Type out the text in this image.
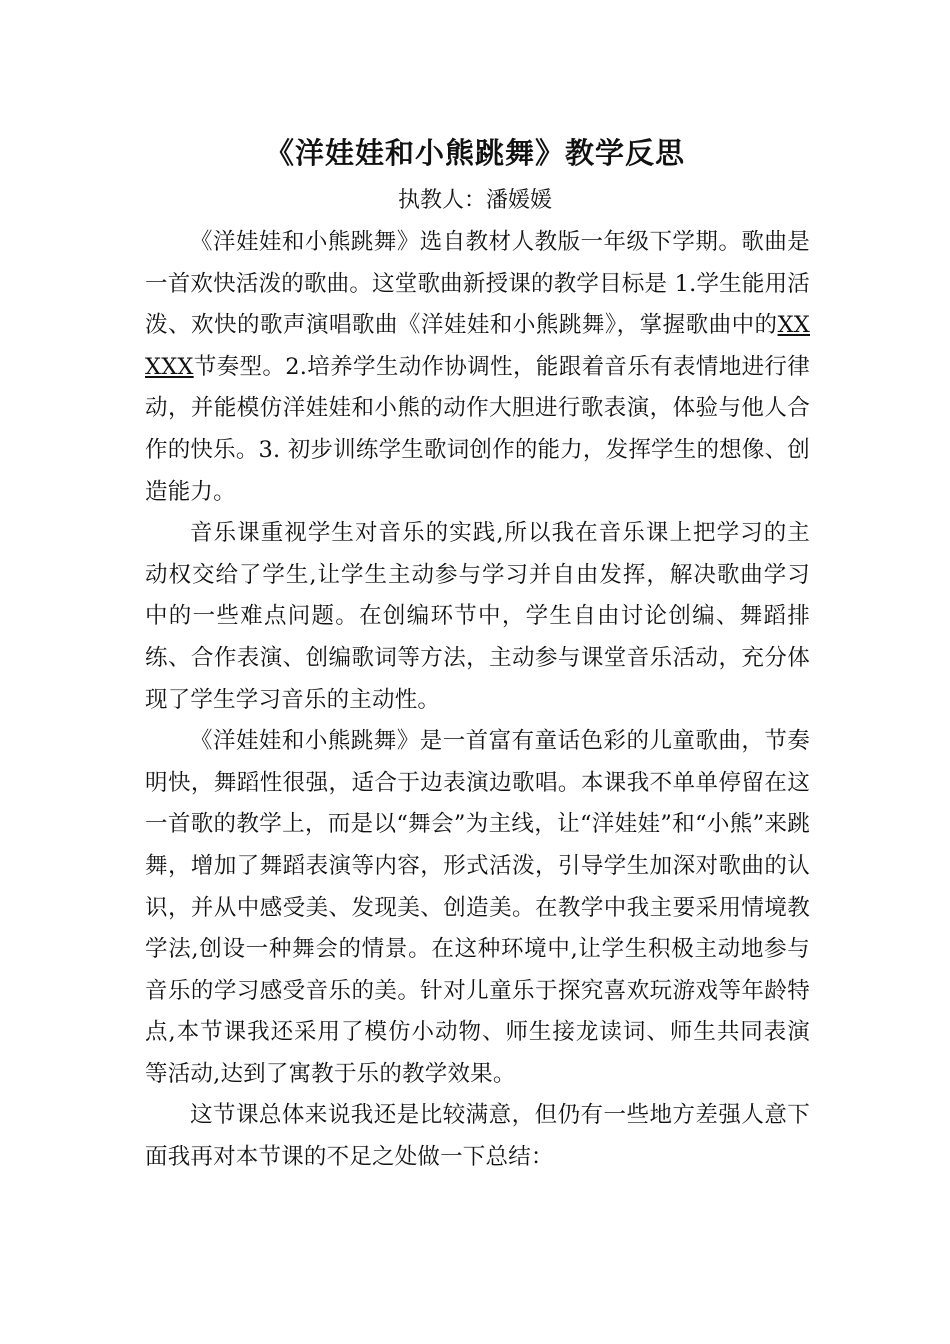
《洋娃娃和小熊跳舞》教学反思
执教人：潘媛媛

《洋娃娃和小熊跳舞》选自教材人教版一年级下学期。歌曲是一首欢快活泼的歌曲。这堂歌曲新授课的教学目标是 1.学生能用活泼、欢快的歌声演唱歌曲《洋娃娃和小熊跳舞》，掌握歌曲中的XX XXX节奏型。2.培养学生动作协调性，能跟着音乐有表情地进行律动，并能模仿洋娃娃和小熊的动作大胆进行歌表演，体验与他人合作的快乐。3. 初步训练学生歌词创作的能力，发挥学生的想像、创造能力。

音乐课重视学生对音乐的实践,所以我在音乐课上把学习的主动权交给了学生,让学生主动参与学习并自由发挥，解决歌曲学习中的一些难点问题。在创编环节中，学生自由讨论创编、舞蹈排练、合作表演、创编歌词等方法，主动参与课堂音乐活动，充分体现了学生学习音乐的主动性。

《洋娃娃和小熊跳舞》是一首富有童话色彩的儿童歌曲，节奏明快，舞蹈性很强，适合于边表演边歌唱。本课我不单单停留在这一首歌的教学上，而是以“舞会”为主线，让“洋娃娃”和“小熊”来跳舞，增加了舞蹈表演等内容，形式活泼，引导学生加深对歌曲的认识，并从中感受美、发现美、创造美。在教学中我主要采用情境教学法,创设一种舞会的情景。在这种环境中,让学生积极主动地参与音乐的学习感受音乐的美。针对儿童乐于探究喜欢玩游戏等年龄特点,本节课我还采用了模仿小动物、师生接龙读词、师生共同表演等活动,达到了寓教于乐的教学效果。

这节课总体来说我还是比较满意，但仍有一些地方差强人意下面我再对本节课的不足之处做一下总结：
